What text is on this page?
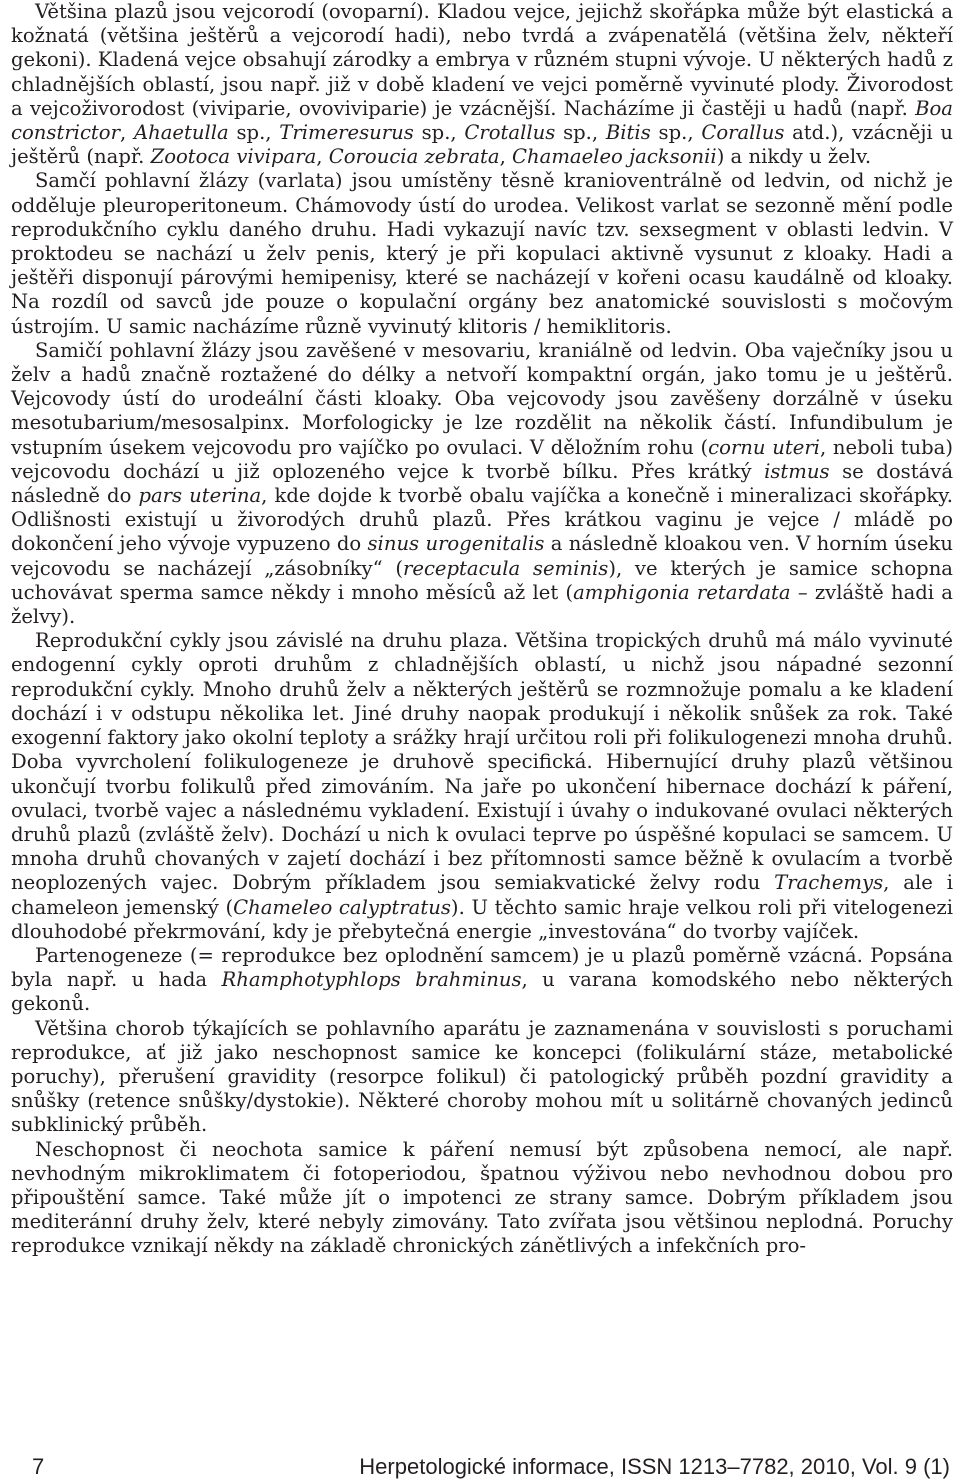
Většina plazů jsou vejcorodí (ovoparní). Kladou vejce, jejichž skořápka může být elastická a kožnatá (většina ještěrů a vejcorodí hadi), nebo tvrdá a zvápenatělá (většina želv, někteří gekoni). Kladená vejce obsahují zárodky a embrya v různém stupni vývoje. U některých hadů z chladnějších oblastí, jsou např. již v době kladení ve vejci poměrně vyvinuté plody. Živorodost a vejcoživorodost (viviparie, ovoviviparie) je vzácnější. Nacházíme ji častěji u hadů (např. Boa constrictor, Ahaetulla sp., Trimeresurus sp., Crotallus sp., Bitis sp., Corallus atd.), vzácněji u ještěrů (např. Zootoca vivipara, Coroucia zebrata, Chamaeleo jacksonii) a nikdy u želv.

Samčí pohlavní žlázy (varlata) jsou umístěny těsně kranioventrálně od ledvin, od nichž je odděluje pleuroperitoneum. Chámovody ústí do urodea. Velikost varlat se sezonně mění podle reprodukčního cyklu daného druhu. Hadi vykazují navíc tzv. sexsegment v oblasti ledvin. V proktodeu se nachází u želv penis, který je při kopulaci aktivně vysunut z kloaky. Hadi a ještěři disponují párovými hemipenisy, které se nacházejí v kořeni ocasu kaudálně od kloaky. Na rozdíl od savců jde pouze o kopulační orgány bez anatomické souvislosti s močovým ústrojím. U samic nacházíme různě vyvinutý klitoris / hemiklitoris.

Samičí pohlavní žlázy jsou zavěšené v mesovariu, kraniálně od ledvin. Oba vaječníky jsou u želv a hadů značně roztažené do délky a netvoří kompaktní orgán, jako tomu je u ještěrů. Vejcovody ústí do urodeální části kloaky. Oba vejcovody jsou zavěšeny dorzálně v úseku mesotubarium/mesosalpinx. Morfologicky je lze rozdělit na několik částí. Infundibulum je vstupním úsekem vejcovodu pro vajíčko po ovulaci. V děložním rohu (cornu uteri, neboli tuba) vejcovodu dochází u již oplozeného vejce k tvorbě bílku. Přes krátký istmus se dostává následně do pars uterina, kde dojde k tvorbě obalu vajíčka a konečně i mineralizaci skořápky. Odlišnosti existují u živorodých druhů plazů. Přes krátkou vaginu je vejce / mládě po dokončení jeho vývoje vypuzeno do sinus urogenitalis a následně kloakou ven. V horním úseku vejcovodu se nacházejí „zásobníky“ (receptacula seminis), ve kterých je samice schopna uchovávat sperma samce někdy i mnoho měsíců až let (amphigonia retardata – zvláště hadi a želvy).

Reprodukční cykly jsou závislé na druhu plaza. Většina tropických druhů má málo vyvinuté endogenní cykly oproti druhům z chladnějších oblastí, u nichž jsou nápadné sezonní reprodukční cykly. Mnoho druhů želv a některých ještěrů se rozmnožuje pomalu a ke kladení dochází i v odstupu několika let. Jiné druhy naopak produkují i několik snůšek za rok. Také exogenní faktory jako okolní teploty a srážky hrají určitou roli při folikulogenezi mnoha druhů. Doba vyvrcholení folikulogeneze je druhově specifická. Hibernující druhy plazů většinou ukončují tvorbu folikulů před zimováním. Na jaře po ukončení hibernace dochází k páření, ovulaci, tvorbě vajec a následnému vykladení. Existují i úvahy o indukované ovulaci některých druhů plazů (zvláště želv). Dochází u nich k ovulaci teprve po úspěšné kopulaci se samcem. U mnoha druhů chovaných v zajetí dochází i bez přítomnosti samce běžně k ovulacím a tvorbě neoplozených vajec. Dobrým příkladem jsou semiakvatické želvy rodu Trachemys, ale i chameleon jemenský (Chameleo calyptratus). U těchto samic hraje velkou roli při vitelogenezi dlouhodobé překrmování, kdy je přebytečná energie „investována“ do tvorby vajíček.

Partenogeneze (= reprodukce bez oplodnění samcem) je u plazů poměrně vzácná. Popsána byla např. u hada Rhamphotyphlops brahminus, u varana komodského nebo některých gekonů.

Většina chorob týkajících se pohlavního aparátu je zaznamenána v souvislosti s poruchami reprodukce, ať již jako neschopnost samice ke koncepci (folikulární stáze, metabolické poruchy), přerušení gravidity (resorpce folikul) či patologický průběh pozdní gravidity a snůšky (retence snůšky/dystokie). Některé choroby mohou mít u solitárně chovaných jedinců subklinický průběh.

Neschopnost či neochota samice k páření nemusí být způsobena nemocí, ale např. nevhodným mikroklimatem či fotoperiodou, špatnou výživou nebo nevhodnou dobou pro připouštění samce. Také může jít o impotenci ze strany samce. Dobrým příkladem jsou mediteránní druhy želv, které nebyly zimovány. Tato zvířata jsou většinou neplodná. Poruchy reprodukce vznikají někdy na základě chronických zánětlivých a infekčních pro-

7	Herpetologické informace, ISSN 1213–7782, 2010, Vol. 9 (1)
